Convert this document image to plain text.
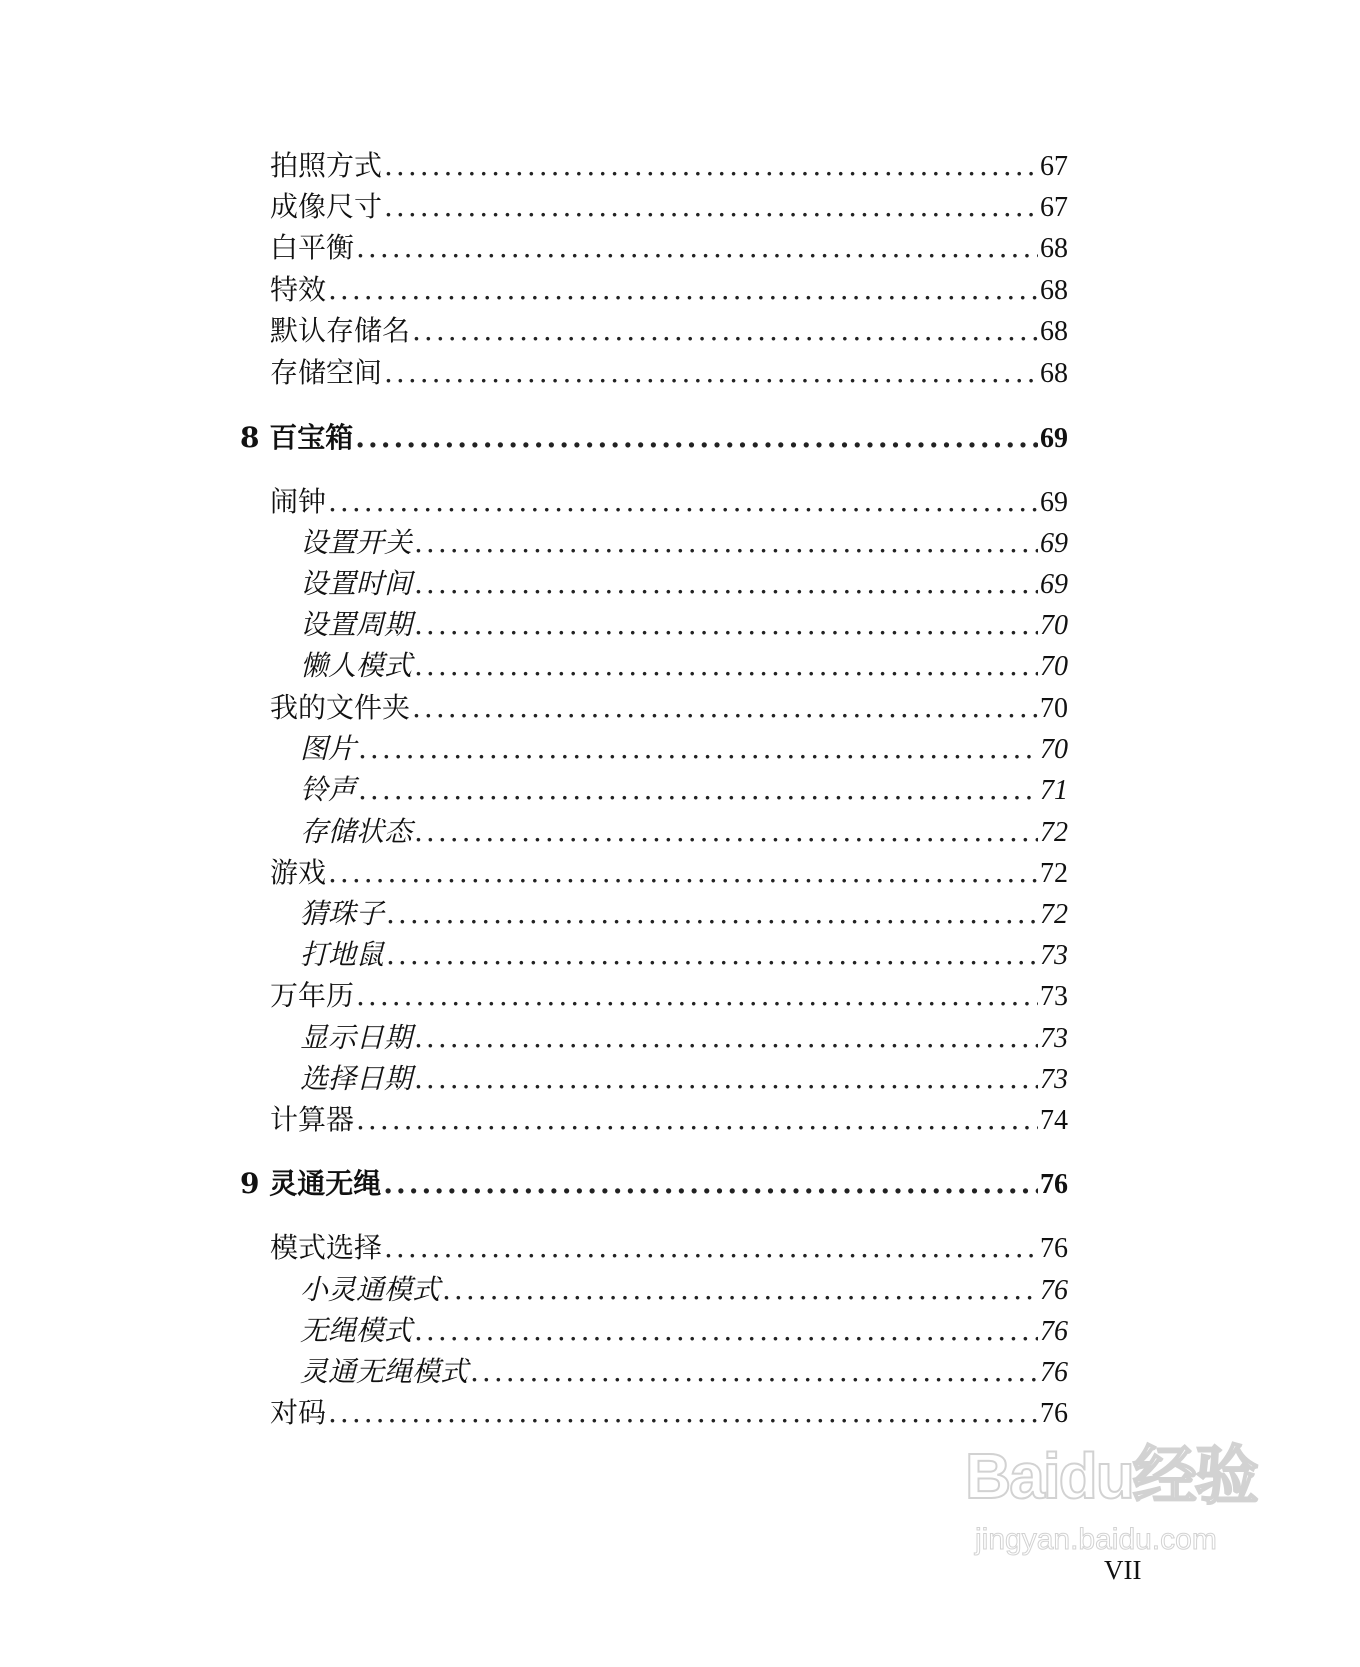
拍照方式 .....	67
成像尺寸 .....	67
白平衡 .....	68
特效 .....	68
默认存储名 .....	68
存储空间 .....	68
8 百宝箱 .....	69
闹钟 .....	69
设置开关 .....	69
设置时间 .....	69
设置周期 .....	70
懒人模式 .....	70
我的文件夹 .....	70
图片 .....	70
铃声 .....	71
存储状态 .....	72
游戏 .....	72
猜珠子 .....	72
打地鼠 .....	73
万年历 .....	73
显示日期 .....	73
选择日期 .....	73
计算器 .....	74
9 灵通无绳 .....	76
模式选择 .....	76
小灵通模式 .....	76
无绳模式 .....	76
灵通无绳模式 .....	76
对码 .....	76
Baidu经验
jingyan.baidu.com
VII
